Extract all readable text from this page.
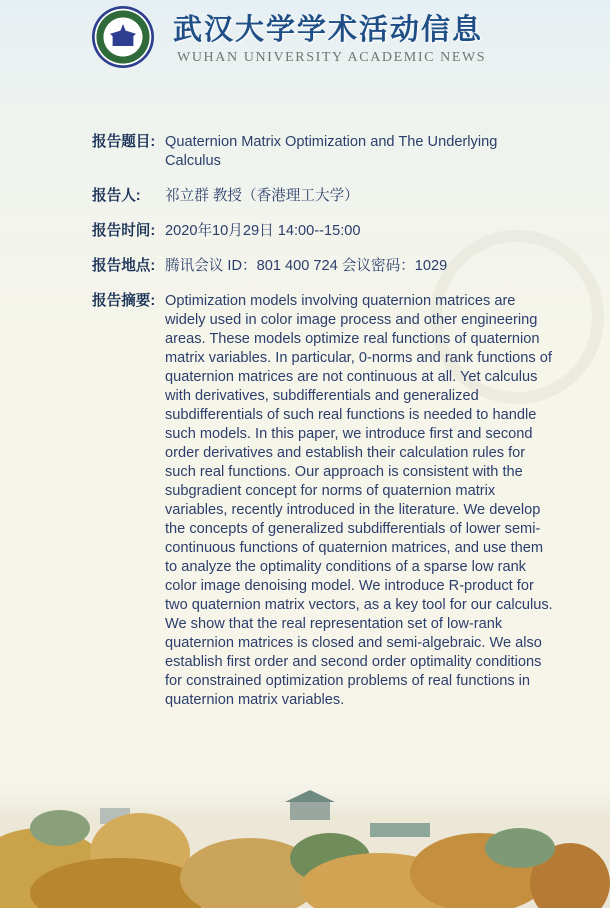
武汉大学学术活动信息
WUHAN UNIVERSITY ACADEMIC NEWS
报告题目: Quaternion Matrix Optimization and The Underlying Calculus
报告人:	祁立群 教授（香港理工大学）
报告时间: 2020年10月29日 14:00--15:00
报告地点: 腾讯会议 ID：801 400 724 会议密码：1029
报告摘要: Optimization models involving quaternion matrices are widely used in color image process and other engineering areas. These models optimize real functions of quaternion matrix variables. In particular, 0-norms and rank functions of quaternion matrices are not continuous at all. Yet calculus with derivatives, subdifferentials and generalized subdifferentials of such real functions is needed to handle such models. In this paper, we introduce first and second order derivatives and establish their calculation rules for such real functions. Our approach is consistent with the subgradient concept for norms of quaternion matrix variables, recently introduced in the literature. We develop the concepts of generalized subdifferentials of lower semi-continuous functions of quaternion matrices, and use them to analyze the optimality conditions of a sparse low rank color image denoising model. We introduce R-product for two quaternion matrix vectors, as a key tool for our calculus. We show that the real representation set of low-rank quaternion matrices is closed and semi-algebraic. We also establish first order and second order optimality conditions for constrained optimization problems of real functions in quaternion matrix variables.
